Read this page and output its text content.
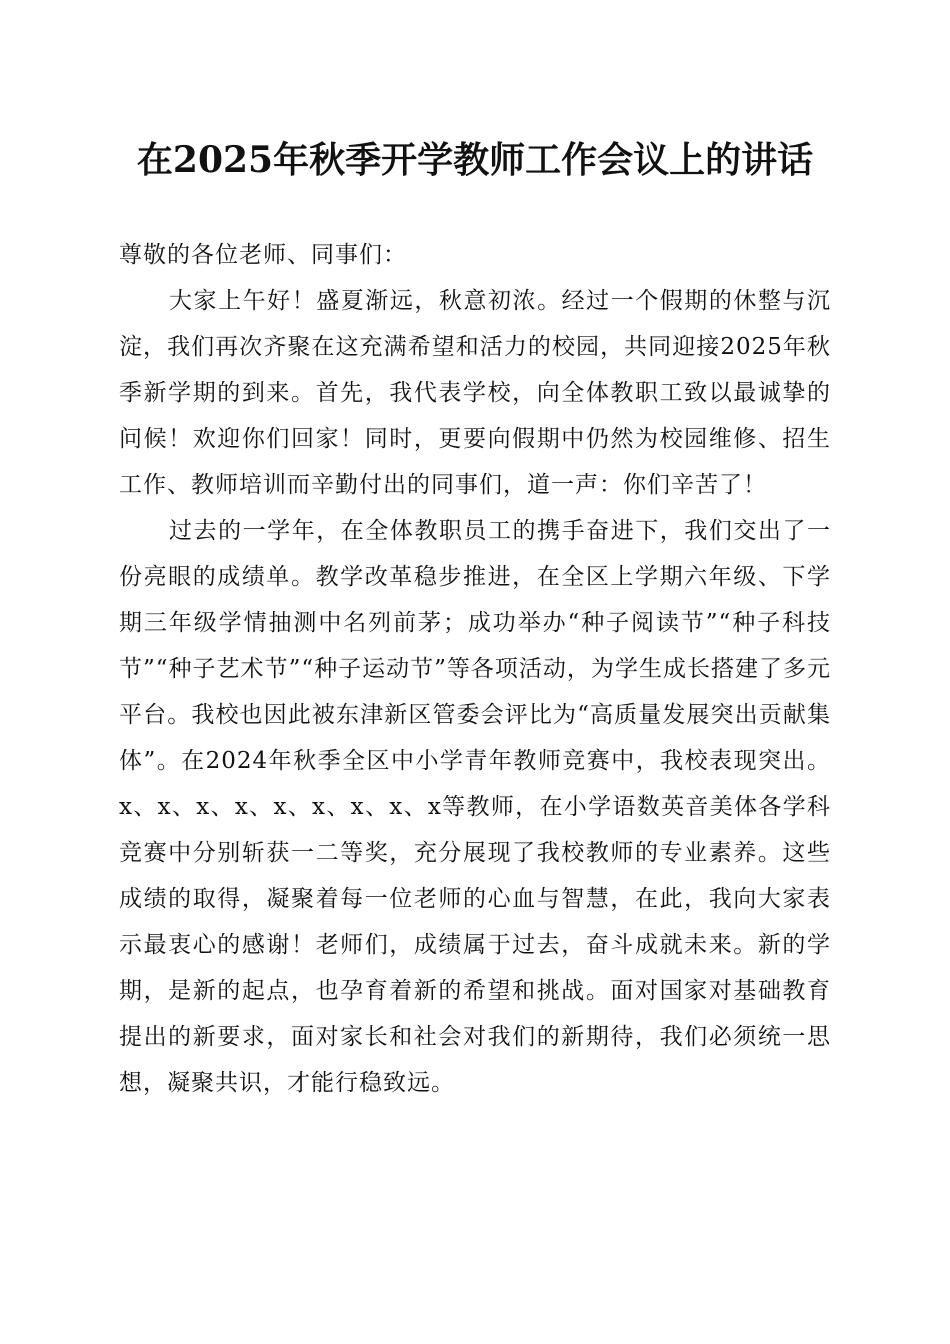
在2025年秋季开学教师工作会议上的讲话

尊敬的各位老师、同事们：

大家上午好！盛夏渐远，秋意初浓。经过一个假期的休整与沉淀，我们再次齐聚在这充满希望和活力的校园，共同迎接2025年秋季新学期的到来。首先，我代表学校，向全体教职工致以最诚挚的问候！欢迎你们回家！同时，更要向假期中仍然为校园维修、招生工作、教师培训而辛勤付出的同事们，道一声：你们辛苦了！

过去的一学年，在全体教职员工的携手奋进下，我们交出了一份亮眼的成绩单。教学改革稳步推进，在全区上学期六年级、下学期三年级学情抽测中名列前茅；成功举办“种子阅读节”“种子科技节”“种子艺术节”“种子运动节”等各项活动，为学生成长搭建了多元平台。我校也因此被东津新区管委会评比为“高质量发展突出贡献集体”。在2024年秋季全区中小学青年教师竞赛中，我校表现突出。x、x、x、x、x、x、x、x、x等教师，在小学语数英音美体各学科竞赛中分别斩获一二等奖，充分展现了我校教师的专业素养。这些成绩的取得，凝聚着每一位老师的心血与智慧，在此，我向大家表示最衷心的感谢！老师们，成绩属于过去，奋斗成就未来。新的学期，是新的起点，也孕育着新的希望和挑战。面对国家对基础教育提出的新要求，面对家长和社会对我们的新期待，我们必须统一思想，凝聚共识，才能行稳致远。
